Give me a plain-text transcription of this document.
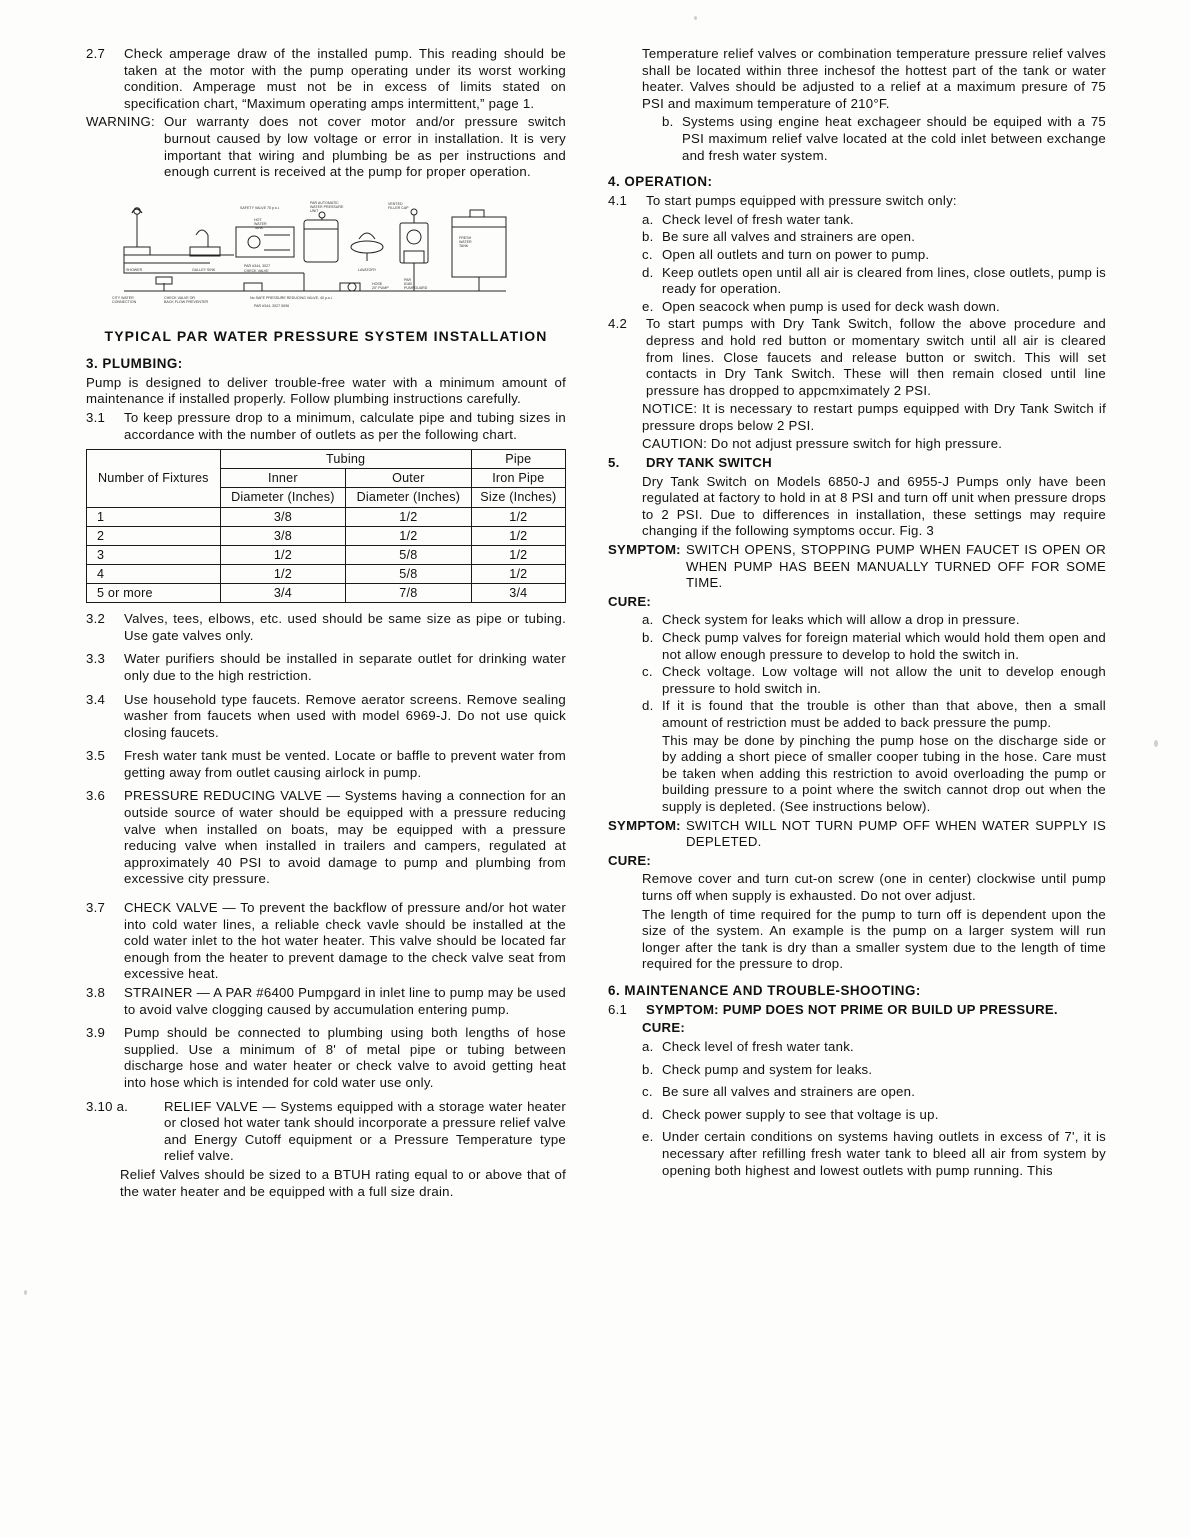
2.7	Check amperage draw of the installed pump. This reading should be taken at the motor with the pump operating under its worst working condition. Amperage must not be in excess of limits stated on specification chart, “Maximum operating amps intermittent,” page 1.
WARNING: Our warranty does not cover motor and/or pressure switch burnout caused by low voltage or error in installation. It is very important that wiring and plumbing be as per instructions and enough current is received at the pump for proper operation.
PAR AUTOMATIC
WATER PRESSURE
UNIT
SAFETY VALVE 75 p.s.i.
VENTED
FILLER CAP
HOT
WATER
TANK
FRESH
WATER
TANK
SHOWER	GALLEY SINK	LAVATORY
PAR #344, 3027
CHECK VALVE
CITY WATER
CONNECTION
CHECK VALVE OR
BACK FLOW PREVENTER
No SAFE PRESSURE REDUCING VALVE, 40 p.s.i.
PAR #344, 3027 5096
PAR
6180
PUMPGUARD
HOSE
20" PUMP
TYPICAL PAR WATER PRESSURE SYSTEM INSTALLATION
3. PLUMBING:
Pump is designed to deliver trouble-free water with a minimum amount of maintenance if installed properly. Follow plumbing instructions carefully.
3.1	To keep pressure drop to a minimum, calculate pipe and tubing sizes in accordance with the number of outlets as per the following chart.
Number of Fixtures	Tubing		Pipe
	Inner	Outer	Iron Pipe
	Diameter (Inches)	Diameter (Inches)	Size (Inches)
1	3/8	1/2	1/2
2	3/8	1/2	1/2
3	1/2	5/8	1/2
4	1/2	5/8	1/2
5 or more	3/4	7/8	3/4
3.2	Valves, tees, elbows, etc. used should be same size as pipe or tubing. Use gate valves only.
3.3	Water purifiers should be installed in separate outlet for drinking water only due to the high restriction.
3.4	Use household type faucets. Remove aerator screens. Remove sealing washer from faucets when used with model 6969-J. Do not use quick closing faucets.
3.5	Fresh water tank must be vented. Locate or baffle to prevent water from getting away from outlet causing airlock in pump.
3.6	PRESSURE REDUCING VALVE — Systems having a connection for an outside source of water should be equipped with a pressure reducing valve when installed on boats, may be equipped with a pressure reducing valve when installed in trailers and campers, regulated at approximately 40 PSI to avoid damage to pump and plumbing from excessive city pressure.
3.7	CHECK VALVE — To prevent the backflow of pressure and/or hot water into cold water lines, a reliable check vavle should be installed at the cold water inlet to the hot water heater. This valve should be located far enough from the heater to prevent damage to the check valve seat from excessive heat.
3.8	STRAINER — A PAR #6400 Pumpgard in inlet line to pump may be used to avoid valve clogging caused by accumulation entering pump.
3.9	Pump should be connected to plumbing using both lengths of hose supplied. Use a minimum of 8' of metal pipe or tubing between discharge hose and water heater or check valve to avoid getting heat into hose which is intended for cold water use only.
3.10 a.	RELIEF VALVE — Systems equipped with a storage water heater or closed hot water tank should incorporate a pressure relief valve and Energy Cutoff equipment or a Pressure Temperature type relief valve.
Relief Valves should be sized to a BTUH rating equal to or above that of the water heater and be equipped with a full size drain.
Temperature relief valves or combination temperature pressure relief valves shall be located within three inchesof the hottest part of the tank or water heater. Valves should be adjusted to a relief at a maximum presure of 75 PSI and maximum temperature of 210°F.
b. Systems using engine heat exchageer should be equiped with a 75 PSI maximum relief valve located at the cold inlet between exchange and fresh water system.
4. OPERATION:
4.1	To start pumps equipped with pressure switch only:
a. Check level of fresh water tank.
b. Be sure all valves and strainers are open.
c. Open all outlets and turn on power to pump.
d. Keep outlets open until all air is cleared from lines, close outlets, pump is ready for operation.
e. Open seacock when pump is used for deck wash down.
4.2	To start pumps with Dry Tank Switch, follow the above procedure and depress and hold red button or momentary switch until all air is cleared from lines. Close faucets and release button or switch. This will set contacts in Dry Tank Switch. These will then remain closed until line pressure has dropped to appcmximately 2 PSI.
NOTICE: It is necessary to restart pumps equipped with Dry Tank Switch if pressure drops below 2 PSI.
CAUTION: Do not adjust pressure switch for high pressure.
5.	DRY TANK SWITCH
Dry Tank Switch on Models 6850-J and 6955-J Pumps only have been regulated at factory to hold in at 8 PSI and turn off unit when pressure drops to 2 PSI. Due to differences in installation, these settings may require changing if the following symptoms occur. Fig. 3
SYMPTOM: SWITCH OPENS, STOPPING PUMP WHEN FAUCET IS OPEN OR WHEN PUMP HAS BEEN MANUALLY TURNED OFF FOR SOME TIME.
CURE:
a. Check system for leaks which will allow a drop in pressure.
b. Check pump valves for foreign material which would hold them open and not allow enough pressure to develop to hold the switch in.
c. Check voltage. Low voltage will not allow the unit to develop enough pressure to hold switch in.
d. If it is found that the trouble is other than that above, then a small amount of restriction must be added to back pressure the pump.
This may be done by pinching the pump hose on the discharge side or by adding a short piece of smaller cooper tubing in the hose. Care must be taken when adding this restriction to avoid overloading the pump or building pressure to a point where the switch cannot drop out when the supply is depleted. (See instructions below).
SYMPTOM: SWITCH WILL NOT TURN PUMP OFF WHEN WATER SUPPLY IS DEPLETED.
CURE:
Remove cover and turn cut-on screw (one in center) clockwise until pump turns off when supply is exhausted. Do not over adjust.
The length of time required for the pump to turn off is dependent upon the size of the system. An example is the pump on a larger system will run longer after the tank is dry than a smaller system due to the length of time required for the pressure to drop.
6. MAINTENANCE AND TROUBLE-SHOOTING:
6.1	SYMPTOM: PUMP DOES NOT PRIME OR BUILD UP PRESSURE.
CURE:
a. Check level of fresh water tank.
b. Check pump and system for leaks.
c. Be sure all valves and strainers are open.
d. Check power supply to see that voltage is up.
e. Under certain conditions on systems having outlets in excess of 7', it is necessary after refilling fresh water tank to bleed all air from system by opening both highest and lowest outlets with pump running. This
